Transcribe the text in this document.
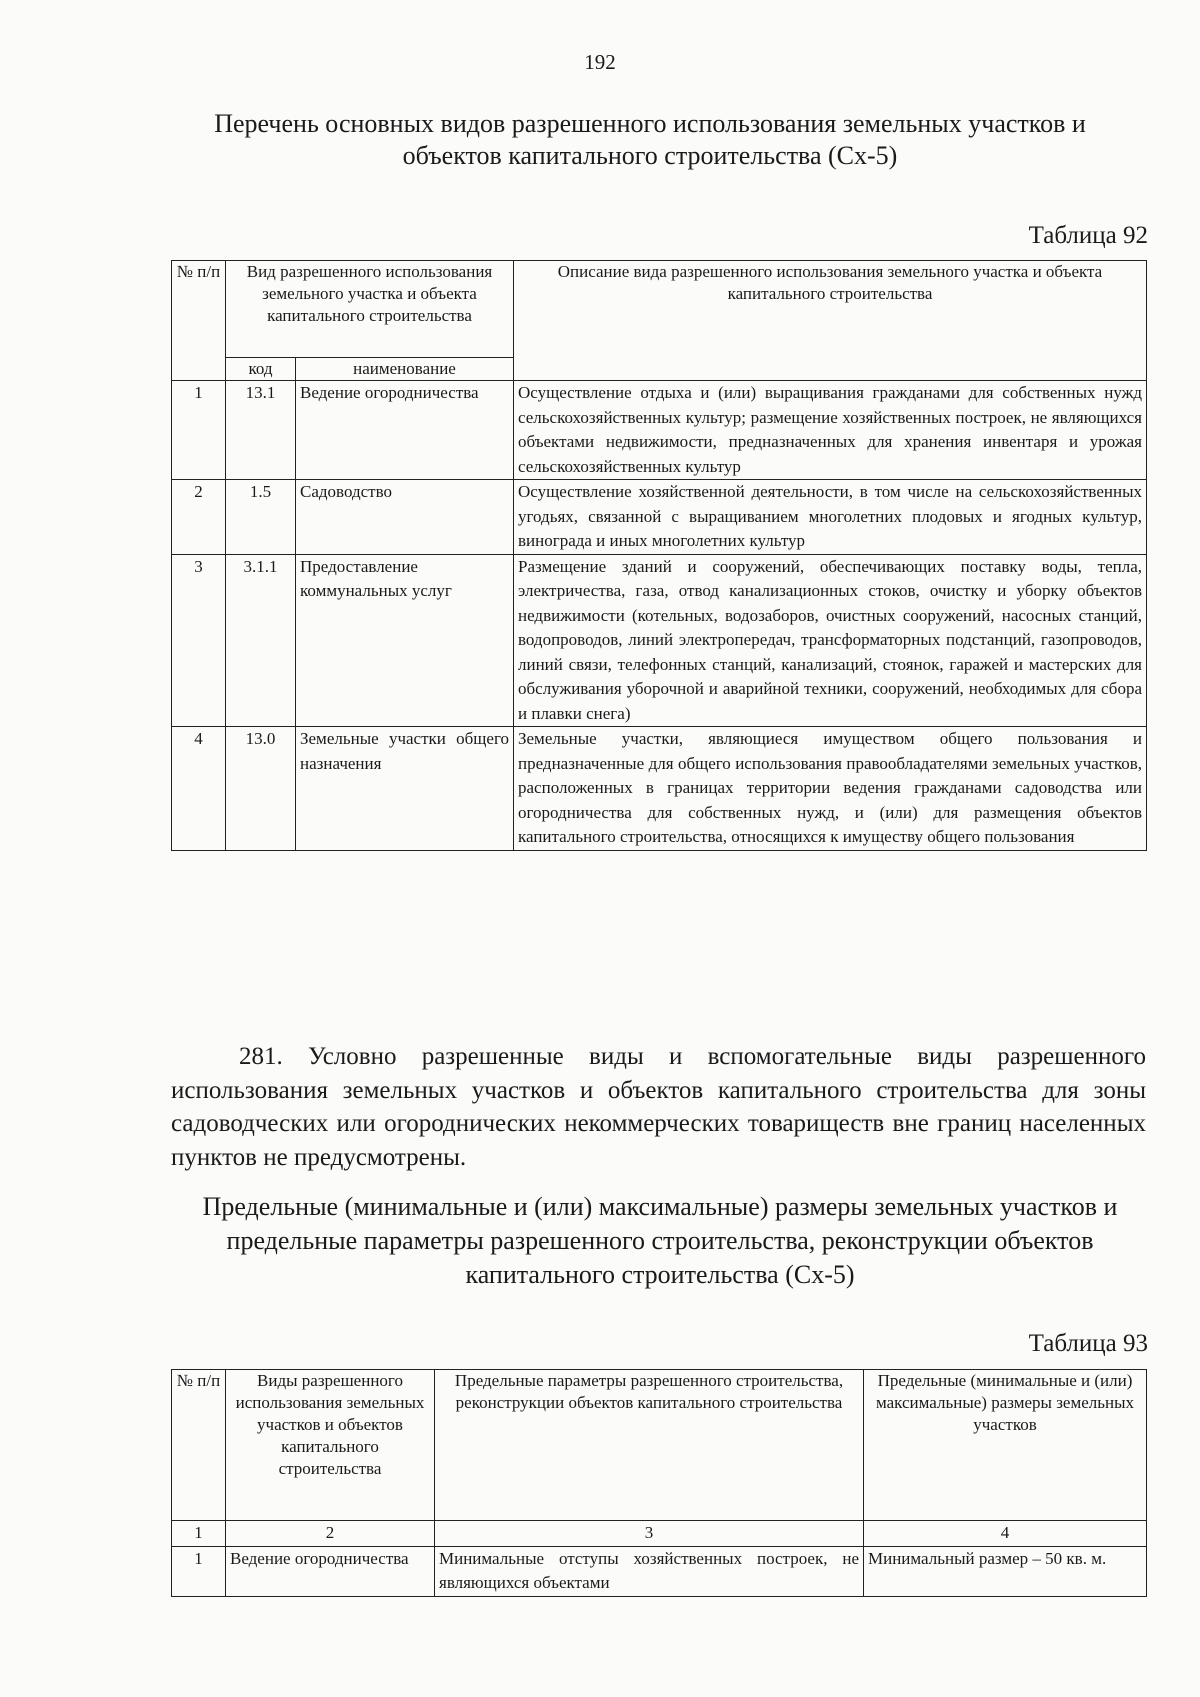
192
Перечень основных видов разрешенного использования земельных участков и объектов капитального строительства (Сх-5)
Таблица 92
№ п/п	Вид разрешенного использования земельного участка и объекта капитального строительства		Описание вида разрешенного использования земельного участка и объекта капитального строительства
	код	наименование	
1	13.1	Ведение огородничества	Осуществление отдыха и (или) выращивания гражданами для собственных нужд сельскохозяйственных культур; размещение хозяйственных построек, не являющихся объектами недвижимости, предназначенных для хранения инвентаря и урожая сельскохозяйственных культур
2	1.5	Садоводство	Осуществление хозяйственной деятельности, в том числе на сельскохозяйственных угодьях, связанной с выращиванием многолетних плодовых и ягодных культур, винограда и иных многолетних культур
3	3.1.1	Предоставление коммунальных услуг	Размещение зданий и сооружений, обеспечивающих поставку воды, тепла, электричества, газа, отвод канализационных стоков, очистку и уборку объектов недвижимости (котельных, водозаборов, очистных сооружений, насосных станций, водопроводов, линий электропередач, трансформаторных подстанций, газопроводов, линий связи, телефонных станций, канализаций, стоянок, гаражей и мастерских для обслуживания уборочной и аварийной техники, сооружений, необходимых для сбора и плавки снега)
4	13.0	Земельные участки общего назначения	Земельные участки, являющиеся имуществом общего пользования и предназначенные для общего использования правообладателями земельных участков, расположенных в границах территории ведения гражданами садоводства или огородничества для собственных нужд, и (или) для размещения объектов капитального строительства, относящихся к имуществу общего пользования
281. Условно разрешенные виды и вспомогательные виды разрешенного использования земельных участков и объектов капитального строительства для зоны садоводческих или огороднических некоммерческих товариществ вне границ населенных пунктов не предусмотрены.
Предельные (минимальные и (или) максимальные) размеры земельных участков и предельные параметры разрешенного строительства, реконструкции объектов капитального строительства (Сх-5)
Таблица 93
№ п/п	Виды разрешенного использования земельных участков и объектов капитального строительства	Предельные параметры разрешенного строительства, реконструкции объектов капитального строительства	Предельные (минимальные и (или) максимальные) размеры земельных участков
1	2	3	4
1	Ведение огородничества	Минимальные отступы хозяйственных построек, не являющихся объектами	Минимальный размер – 50 кв. м.
